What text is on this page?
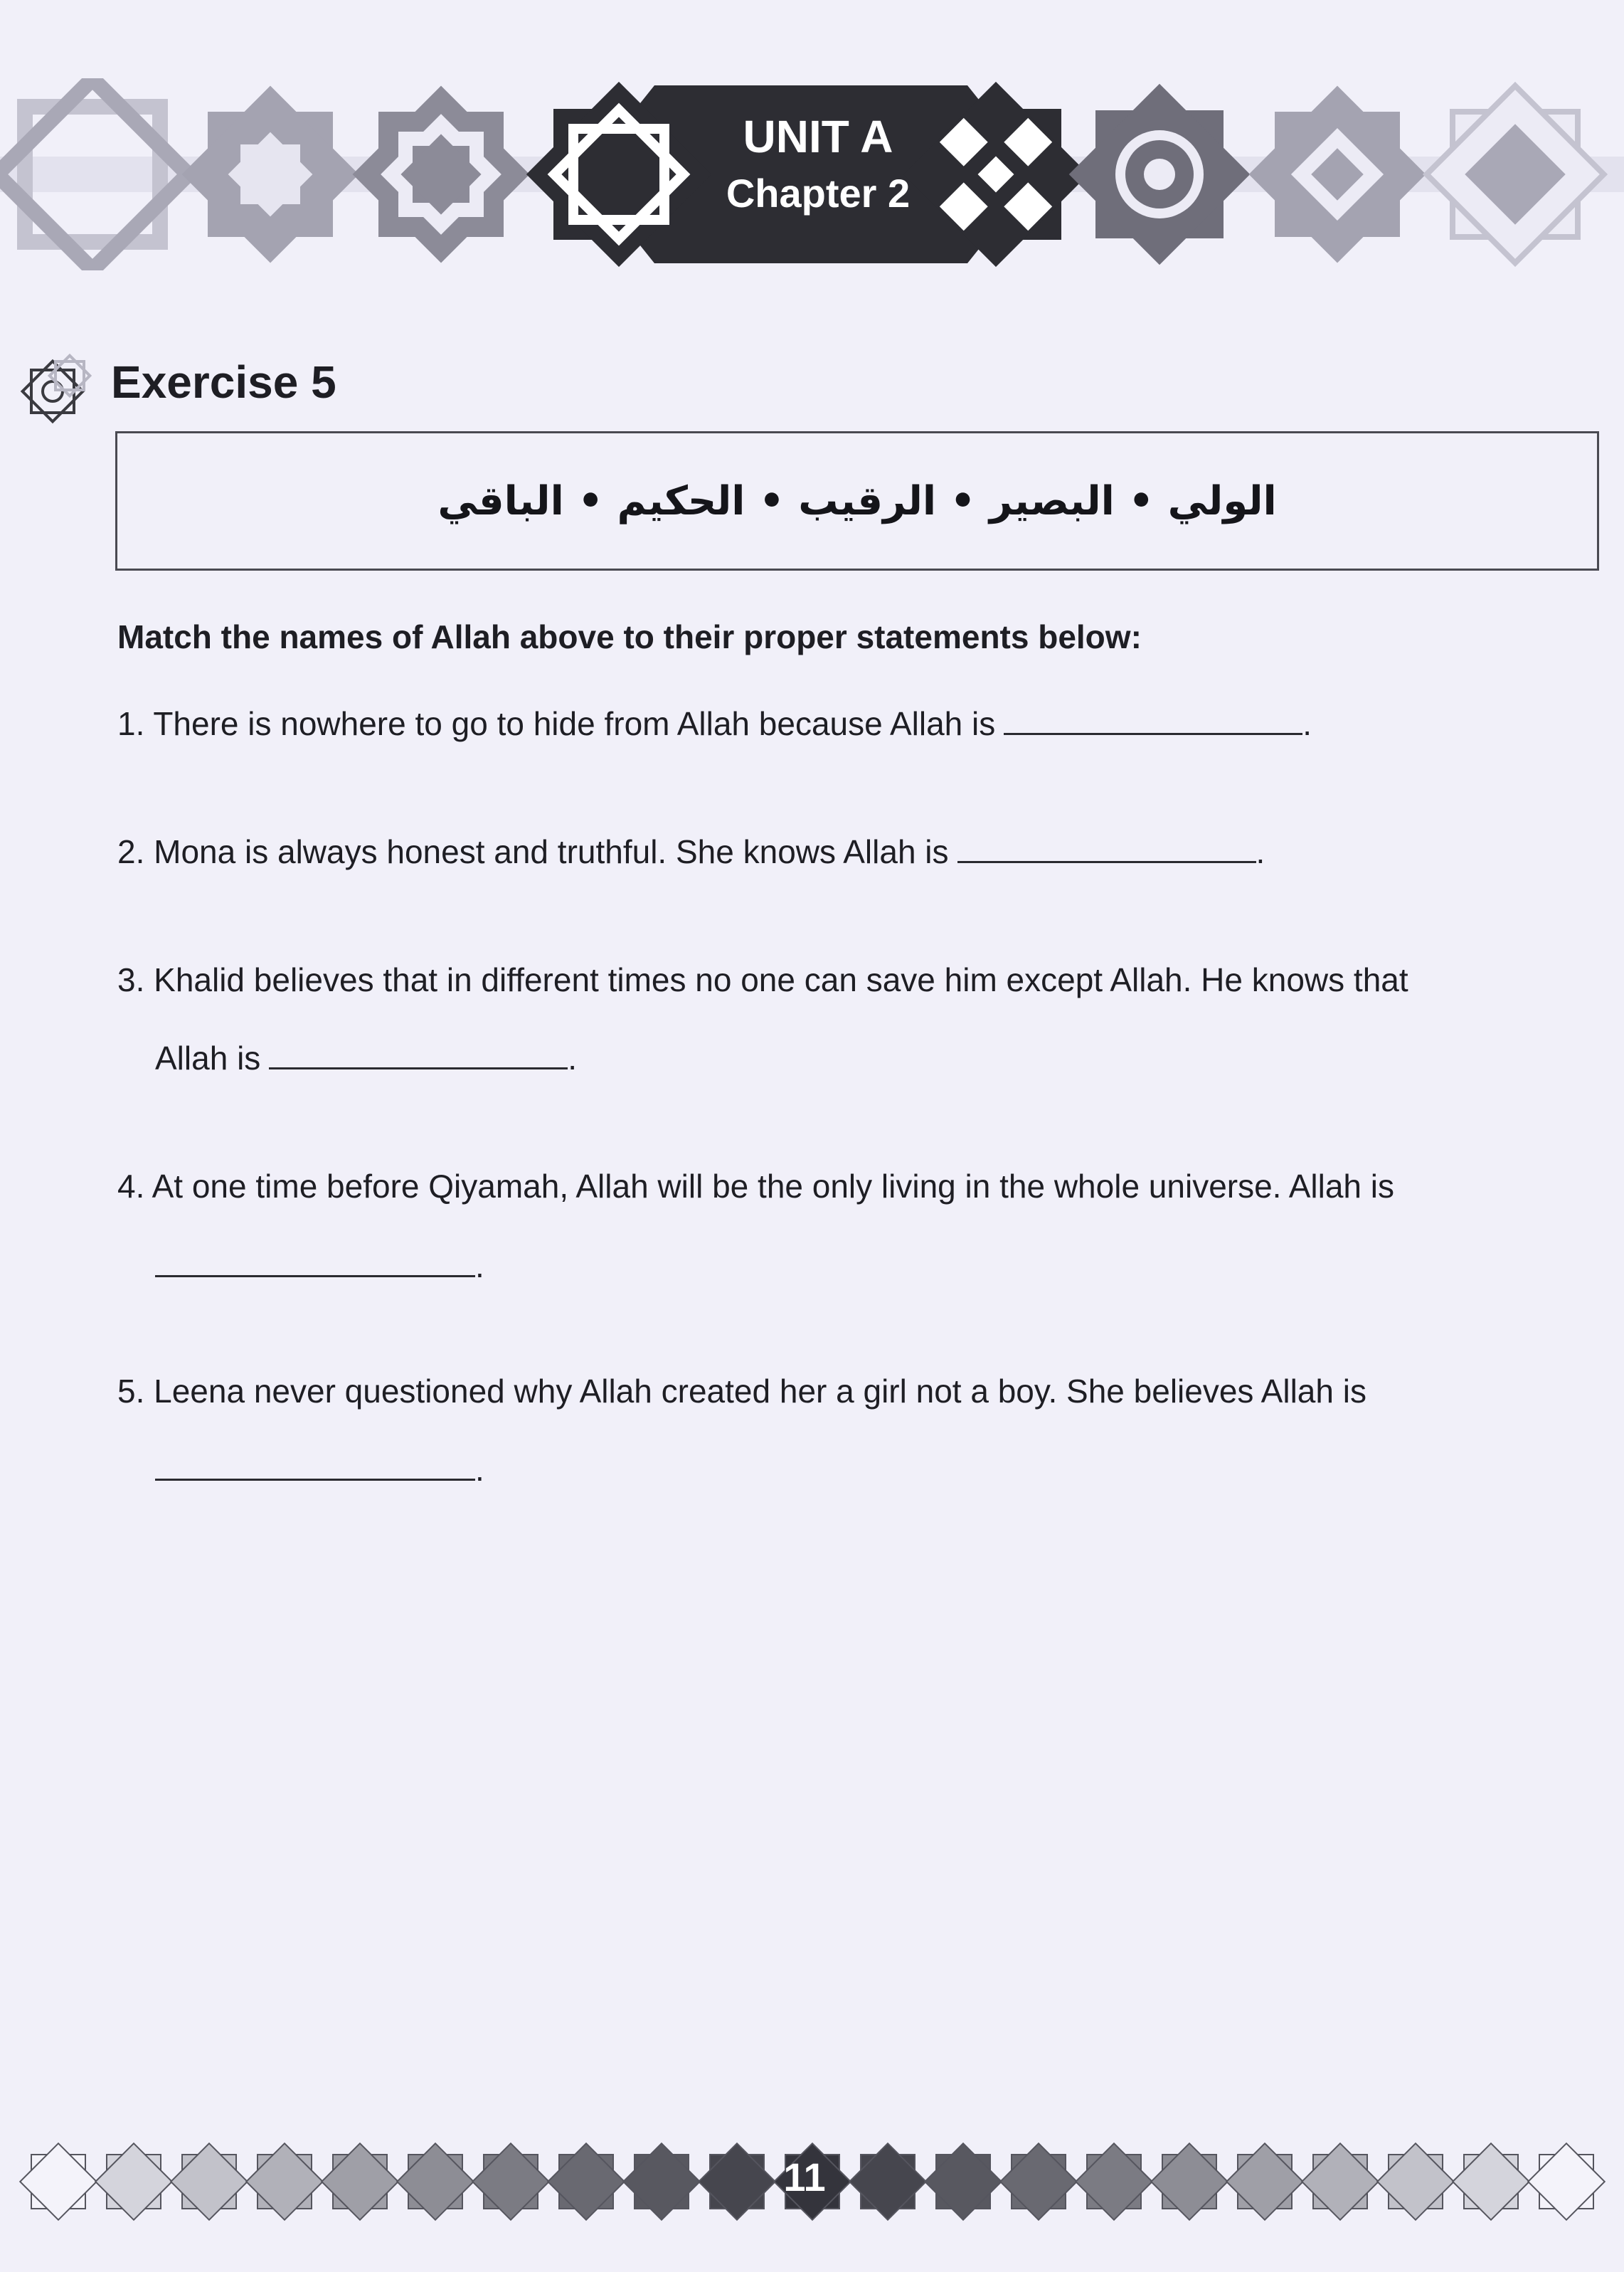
UNIT A
Chapter 2
Exercise 5
الولي • البصير • الرقيب • الحكيم • الباقي
Match the names of Allah above to their proper statements below:
1. There is nowhere to go to hide from Allah because Allah is	.
2. Mona is always honest and truthful. She knows Allah is	.
3. Khalid believes that in different times no one can save him except Allah. He knows that
Allah is	.
4. At one time before Qiyamah, Allah will be the only living in the whole universe. Allah is
.
5. Leena never questioned why Allah created her a girl not a boy. She believes Allah is
.
11
